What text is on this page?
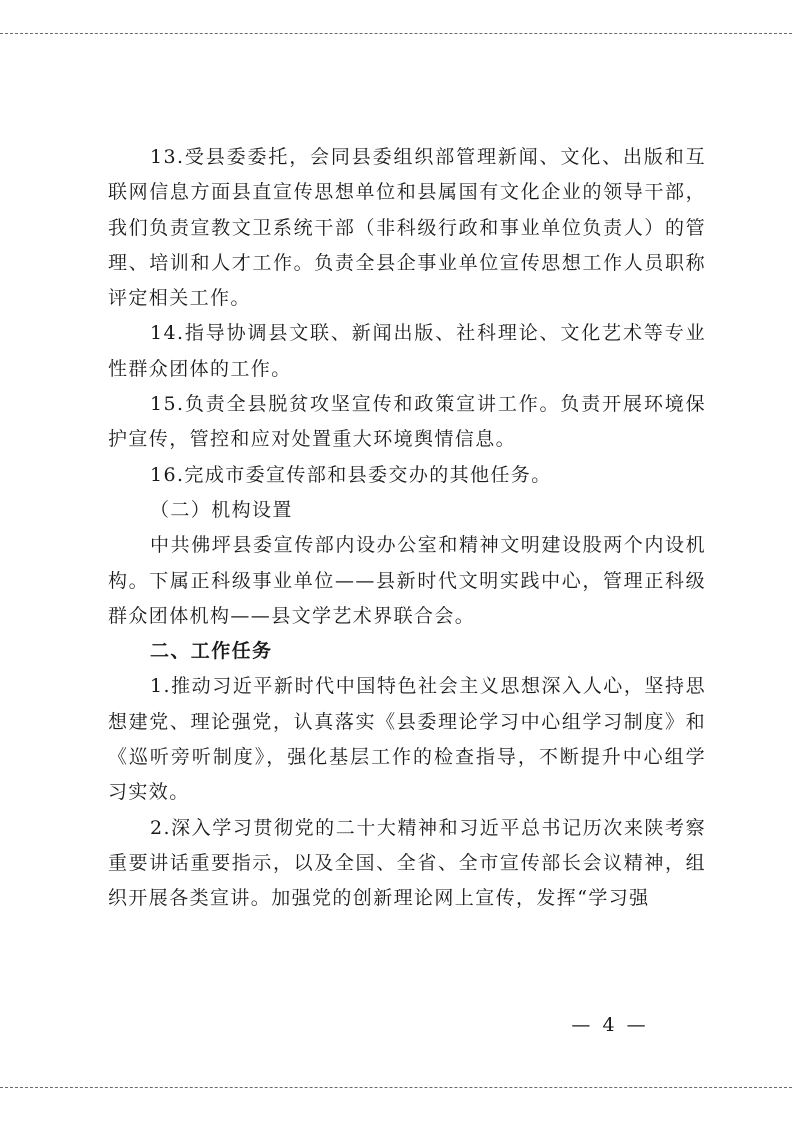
13.受县委委托，会同县委组织部管理新闻、文化、出版和互联网信息方面县直宣传思想单位和县属国有文化企业的领导干部，我们负责宣教文卫系统干部（非科级行政和事业单位负责人）的管理、培训和人才工作。负责全县企事业单位宣传思想工作人员职称评定相关工作。

14.指导协调县文联、新闻出版、社科理论、文化艺术等专业性群众团体的工作。

15.负责全县脱贫攻坚宣传和政策宣讲工作。负责开展环境保护宣传，管控和应对处置重大环境舆情信息。

16.完成市委宣传部和县委交办的其他任务。

（二）机构设置

中共佛坪县委宣传部内设办公室和精神文明建设股两个内设机构。下属正科级事业单位——县新时代文明实践中心，管理正科级群众团体机构——县文学艺术界联合会。

二、工作任务

1.推动习近平新时代中国特色社会主义思想深入人心，坚持思想建党、理论强党，认真落实《县委理论学习中心组学习制度》和《巡听旁听制度》，强化基层工作的检查指导，不断提升中心组学习实效。

2.深入学习贯彻党的二十大精神和习近平总书记历次来陕考察重要讲话重要指示，以及全国、全省、全市宣传部长会议精神，组织开展各类宣讲。加强党的创新理论网上宣传，发挥“学习强

— 4 —
